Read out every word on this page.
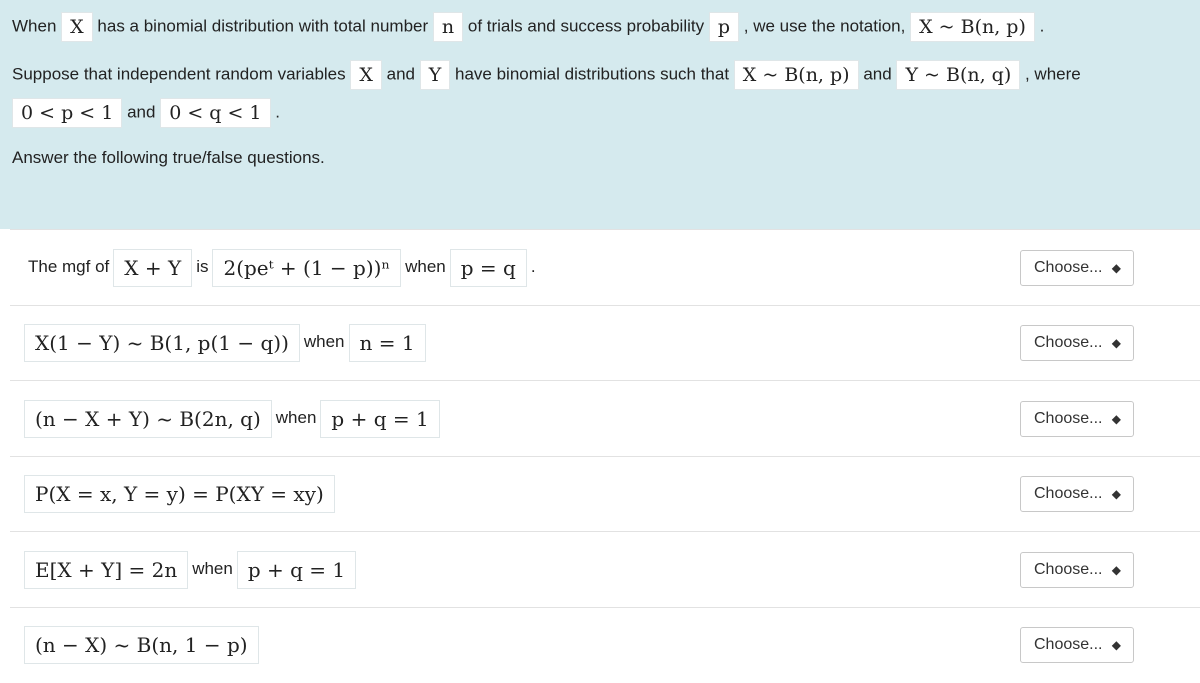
When X has a binomial distribution with total number n of trials and success probability p , we use the notation, X ~ B(n, p) .
Suppose that independent random variables X and Y have binomial distributions such that X ~ B(n, p) and Y ~ B(n, q) , where
0 < p < 1 and 0 < q < 1 .
Answer the following true/false questions.
The mgf of X + Y is 2(peᵗ + (1 − p))ⁿ when p = q .	Choose... ◆
X(1 − Y) ~ B(1, p(1 − q)) when n = 1	Choose... ◆
(n − X + Y) ~ B(2n, q) when p + q = 1	Choose... ◆
P(X = x, Y = y) = P(XY = xy)	Choose... ◆
E[X + Y] = 2n when p + q = 1	Choose... ◆
(n − X) ~ B(n, 1 − p)	Choose... ◆
